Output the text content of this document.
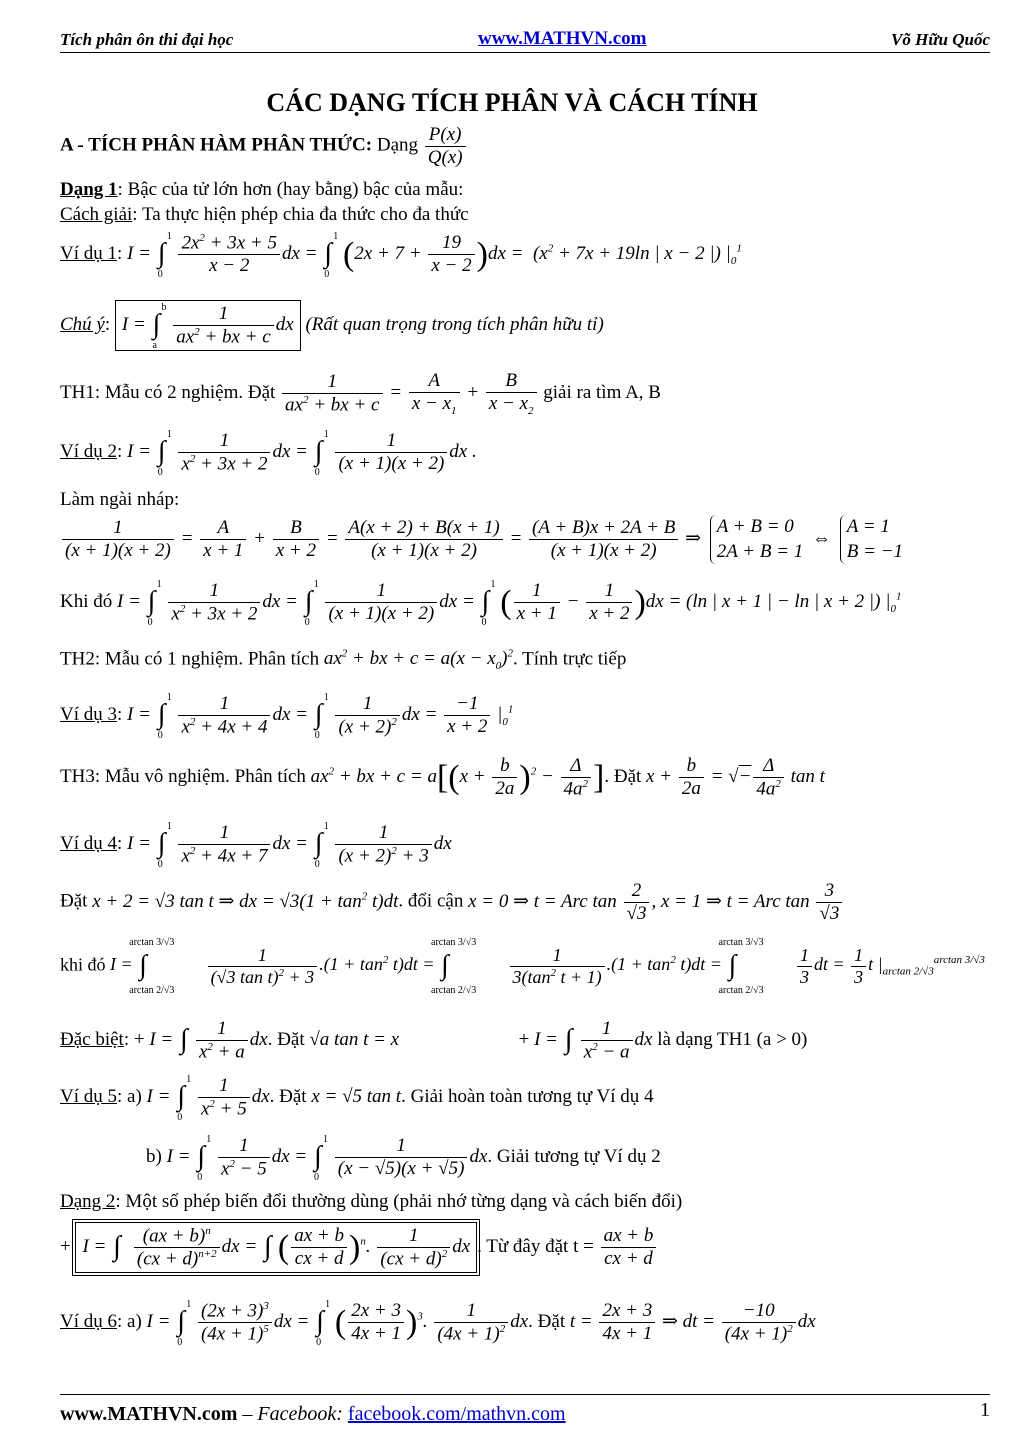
Tích phân ôn thi đại học	www.MATHVN.com	Võ Hữu Quốc
CÁC DẠNG TÍCH PHÂN VÀ CÁCH TÍNH
A - TÍCH PHÂN HÀM PHÂN THỨC: Dạng $\frac{P(x)}{Q(x)}$
Dạng 1: Bậc của tử lớn hơn (hay bằng) bậc của mẫu:
Cách giải: Ta thực hiện phép chia đa thức cho đa thức
Ví dụ 1: I = ∫
1
0
$\frac{2x^2 + 3x + 5}{x - 2}$ dx = ∫
1
0
$(2x + 7 + \frac{19}{x - 2} )dx = (x^2 + 7x + 19\ln$ | x − 2 |) $|_0^1$
Chú ý: I = ∫
b
a
$\frac{1}{ax^2 + bx + c}$ dx (Rất quan trọng trong tích phân hữu tỉ)
TH1: Mẫu có 2 nghiệm. Đặt $\frac{1}{ax^2 + bx + c} = \frac{A}{x - x_1} + \frac{B}{x - x_2}$ giải ra tìm A, B
Ví dụ 2: I = ∫
1
0
$\frac{1}{x^2 + 3x + 2}$ dx = ∫
1
0
$\frac{1}{(x + 1)(x + 2)}$ dx .
Làm ngài nháp:
$\frac{1}{(x + 1)(x + 2)} = \frac{A}{x + 1} + \frac{B}{x + 2} = \frac{A(x + 2) + B(x + 1)}{(x + 1)(x + 2)} = \frac{(A + B)x + 2A + B}{(x + 1)(x + 2)}$ ⇒ A + B = 0
2A + B = 1 ⇔ A = 1
B = −1
Khi đó I = ∫
1
0
$\frac{1}{x^2 + 3x + 2}$ dx = ∫
1
0
$\frac{1}{(x + 1)(x + 2)}$ dx = ∫
1
0
( $\frac{1}{x + 1} - \frac{1}{x + 2} )dx = (\ln$ | x + 1 | − ln | x + 2 |) $|_0^1$
TH2: Mẫu có 1 nghiệm. Phân tích $ax^2$ + bx + $c = a(x - x_0)^2$. Tính trực tiếp
Ví dụ 3: I = ∫
1
0
$\frac{1}{x^2 + 4x + 4}$ dx = ∫
1
0
$\frac{1}{(x + 2)^2}$ dx = $\frac{-1}{x + 2} |_0^1$
TH3: Mẫu vô nghiệm. Phân tích $ax^2$ + bx + $c = a[(x + \frac{b}{2a} )^2 - \frac{\Delta}{4a^2}$ ]. Đặt $x + \frac{b}{2a}$ = √− $\frac{\Delta}{4a^2}$ tan t
Ví dụ 4: I = ∫
1
0
$\frac{1}{x^2 + 4x + 7}$ dx = ∫
1
0
$\frac{1}{(x + 2)^2 + 3}$ dx
Đặt x + 2 = √3 tan t ⇒ dx = $√3(1 + \tan^2 t)dt$. đổi cận x = 0 ⇒ t = Arc $\tan \frac{2}{√3}$ , x = 1 ⇒ t = Arc $\tan \frac{3}{√3}$
khi đó I = ∫
arctan 3/√3
arctan 2/√3

$\frac{1}{(√3 \tan t)^2 + 3} .(1 + \tan^2 t)dt$ = ∫
arctan 3/√3
arctan 2/√3

$\frac{1}{3(\tan^2 t + 1)} .(1 + \tan^2 t)dt$ = ∫
arctan 3/√3
arctan 2/√3

$\frac{1}{3}$ dt = $\frac{1}{3}$ t $|_{arctan 2/√3}^{arctan 3/√3}$
Đặc biệt: + I = ∫ $\frac{1}{x^2 + a}$ dx. Đặt √a tan t = x	+ I = ∫ $\frac{1}{x^2 - a}$ dx là dạng TH1 (a > 0)
Ví dụ 5: a) I = ∫
1
0
$\frac{1}{x^2 + 5}$ dx. Đặt x = √5 tan t. Giải hoàn toàn tương tự Ví dụ 4
b) I = ∫
1
0
$\frac{1}{x^2 - 5}$ dx = ∫
1
0
$\frac{1}{(x - √5)(x + √5)}$ dx. Giải tương tự Ví dụ 2
Dạng 2: Một số phép biến đổi thường dùng (phải nhớ từng dạng và cách biến đổi)
+ I = ∫ $\frac{(ax + b)^n}{(cx + d)^{n+2}}$ dx = ∫ ( $\frac{ax + b}{cx + d} )^n$. $\frac{1}{(cx + d)^2}$ dx. Từ đây đặt $t = \frac{ax + b}{cx + d}$
Ví dụ 6: a) I = ∫
1
0
$\frac{(2x + 3)^3}{(4x + 1)^5}$ dx = ∫
1
0
( $\frac{2x + 3}{4x + 1} )^3$. $\frac{1}{(4x + 1)^2}$ dx. Đặt $t = \frac{2x + 3}{4x + 1}$ ⇒ dt = $\frac{-10}{(4x + 1)^2}$ dx
www.MATHVN.com – Facebook: facebook.com/mathvn.com	1
